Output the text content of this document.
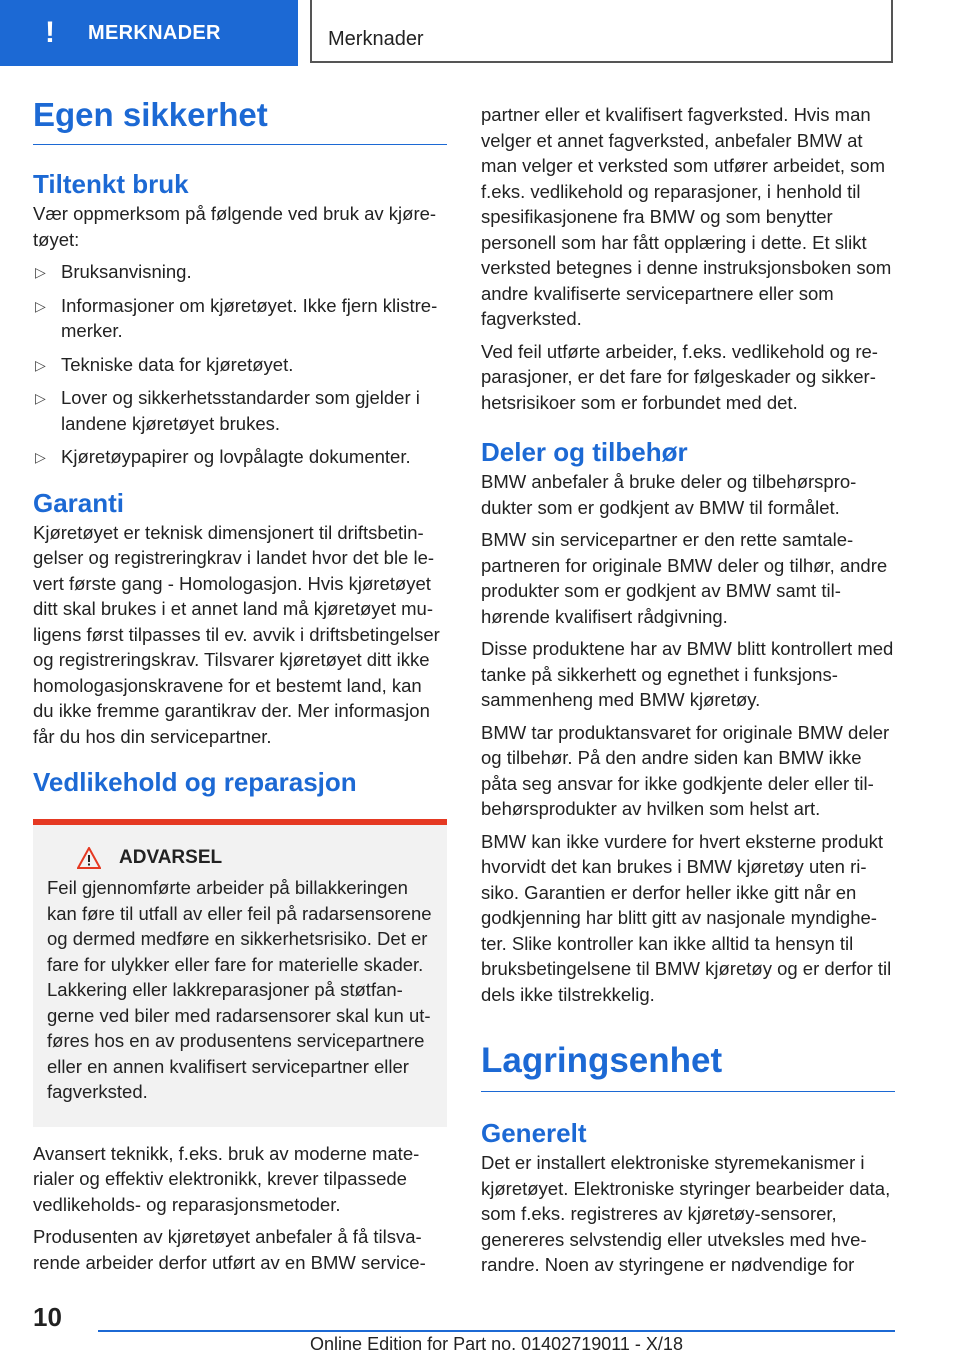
! MERKNADER	Merknader
Egen sikkerhet
Tiltenkt bruk

Vær oppmerksom på følgende ved bruk av kjøretøyet:

▷ Bruksanvisning.
▷ Informasjoner om kjøretøyet. Ikke fjern klistremerker.
▷ Tekniske data for kjøretøyet.
▷ Lover og sikkerhetsstandarder som gjelder i landene kjøretøyet brukes.
▷ Kjøretøypapirer og lovpålagte dokumenter.
Garanti

Kjøretøyet er teknisk dimensjonert til driftsbetingelser og registreringkrav i landet hvor det ble levert første gang - Homologasjon. Hvis kjøretøyet ditt skal brukes i et annet land må kjøretøyet muligens først tilpasses til ev. avvik i driftsbetingelser og registreringskrav. Tilsvarer kjøretøyet ditt ikke homologasjonskravene for et bestemt land, kan du ikke fremme garantikrav der. Mer informasjon får du hos din servicepartner.

Vedlikehold og reparasjon
ADVARSEL

Feil gjennomførte arbeider på billakkeringen kan føre til utfall av eller feil på radarsensorene og dermed medføre en sikkerhetsrisiko. Det er fare for ulykker eller fare for materielle skader. Lakkering eller lakkreparasjoner på støtfangerne ved biler med radarsensorer skal kun utføres hos en av produsentens servicepartnere eller en annen kvalifisert servicepartner eller fagverksted.

Avansert teknikk, f.eks. bruk av moderne materialer og effektiv elektronikk, krever tilpassede vedlikeholds- og reparasjonsmetoder.

Produsenten av kjøretøyet anbefaler å få tilsvarende arbeider derfor utført av en BMW service-

partner eller et kvalifisert fagverksted. Hvis man velger et annet fagverksted, anbefaler BMW at man velger et verksted som utfører arbeidet, som f.eks. vedlikehold og reparasjoner, i henhold til spesifikasjonene fra BMW og som benytter personell som har fått opplæring i dette. Et slikt verksted betegnes i denne instruksjonsboken som andre kvalifiserte servicepartnere eller som fagverksted.

Ved feil utførte arbeider, f.eks. vedlikehold og reparasjoner, er det fare for følgeskader og sikkerhetsrisikoer som er forbundet med det.

Deler og tilbehør

BMW anbefaler å bruke deler og tilbehørsprodukter som er godkjent av BMW til formålet.

BMW sin servicepartner er den rette samtalepartneren for originale BMW deler og tilhør, andre produkter som er godkjent av BMW samt tilhørende kvalifisert rådgivning.

Disse produktene har av BMW blitt kontrollert med tanke på sikkerhett og egnethet i funksjonssammenheng med BMW kjøretøy.

BMW tar produktansvaret for originale BMW deler og tilbehør. På den andre siden kan BMW ikke påta seg ansvar for ikke godkjente deler eller tilbehørsprodukter av hvilken som helst art.

BMW kan ikke vurdere for hvert eksterne produkt hvorvidt det kan brukes i BMW kjøretøy uten risiko. Garantien er derfor heller ikke gitt når en godkjenning har blitt gitt av nasjonale myndigheter. Slike kontroller kan ikke alltid ta hensyn til bruksbetingelsene til BMW kjøretøy og er derfor til dels ikke tilstrekkelig.

Lagringsenhet
Generelt

Det er installert elektroniske styremekanismer i kjøretøyet. Elektroniske styringer bearbeider data, som f.eks. registreres av kjøretøy-sensorer, genereres selvstendig eller utveksles med hverandre. Noen av styringene er nødvendige for

10
Online Edition for Part no. 01402719011 - X/18
